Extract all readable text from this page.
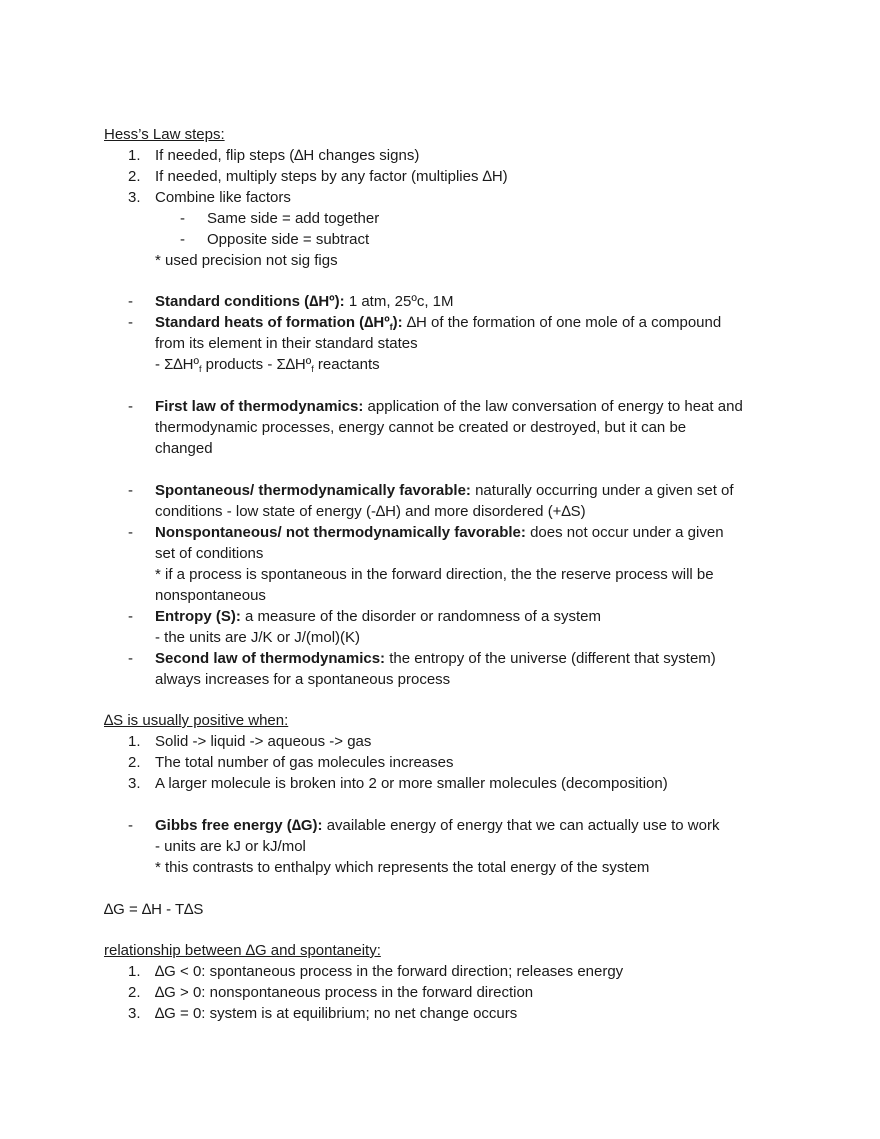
Hess’s Law steps:
1. If needed, flip steps (∆H changes signs)
2. If needed, multiply steps by any factor (multiplies ∆H)
3. Combine like factors
- Same side = add together
- Opposite side = subtract
* used precision not sig figs
- Standard conditions (∆Hº): 1 atm, 25ºc, 1M
- Standard heats of formation (∆Hº$_f$): ∆H of the formation of one mole of a compound
from its element in their standard states
- Σ∆Hº$_f$ products - Σ∆Hº$_f$ reactants
- First law of thermodynamics: application of the law conversation of energy to heat and
thermodynamic processes, energy cannot be created or destroyed, but it can be
changed
- Spontaneous/ thermodynamically favorable: naturally occurring under a given set of
conditions - low state of energy (-∆H) and more disordered (+∆S)
- Nonspontaneous/ not thermodynamically favorable: does not occur under a given
set of conditions
* if a process is spontaneous in the forward direction, the the reserve process will be
nonspontaneous
- Entropy (S): a measure of the disorder or randomness of a system
- the units are J/K or J/(mol)(K)
- Second law of thermodynamics: the entropy of the universe (different that system)
always increases for a spontaneous process
∆S is usually positive when:
1. Solid -> liquid -> aqueous -> gas
2. The total number of gas molecules increases
3. A larger molecule is broken into 2 or more smaller molecules (decomposition)
- Gibbs free energy (∆G): available energy of energy that we can actually use to work
- units are kJ or kJ/mol
* this contrasts to enthalpy which represents the total energy of the system
∆G = ∆H - T∆S
relationship between ∆G and spontaneity:
1. ∆G < 0: spontaneous process in the forward direction; releases energy
2. ∆G > 0: nonspontaneous process in the forward direction
3. ∆G = 0: system is at equilibrium; no net change occurs
